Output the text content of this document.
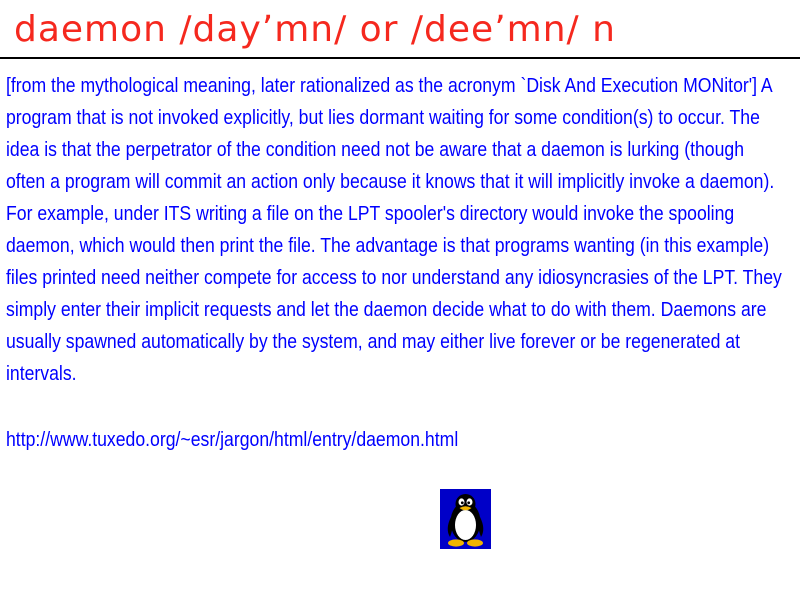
daemon /day’mn/ or /dee’mn/ n

[from the mythological meaning, later rationalized as the acronym `Disk And Execution MONitor'] A program that is not invoked explicitly, but lies dormant waiting for some condition(s) to occur. The idea is that the perpetrator of the condition need not be aware that a daemon is lurking (though often a program will commit an action only because it knows that it will implicitly invoke a daemon). For example, under ITS writing a file on the LPT spooler's directory would invoke the spooling daemon, which would then print the file. The advantage is that programs wanting (in this example) files printed need neither compete for access to nor understand any idiosyncrasies of the LPT. They simply enter their implicit requests and let the daemon decide what to do with them. Daemons are usually spawned automatically by the system, and may either live forever or be regenerated at intervals.

http://www.tuxedo.org/~esr/jargon/html/entry/daemon.html
